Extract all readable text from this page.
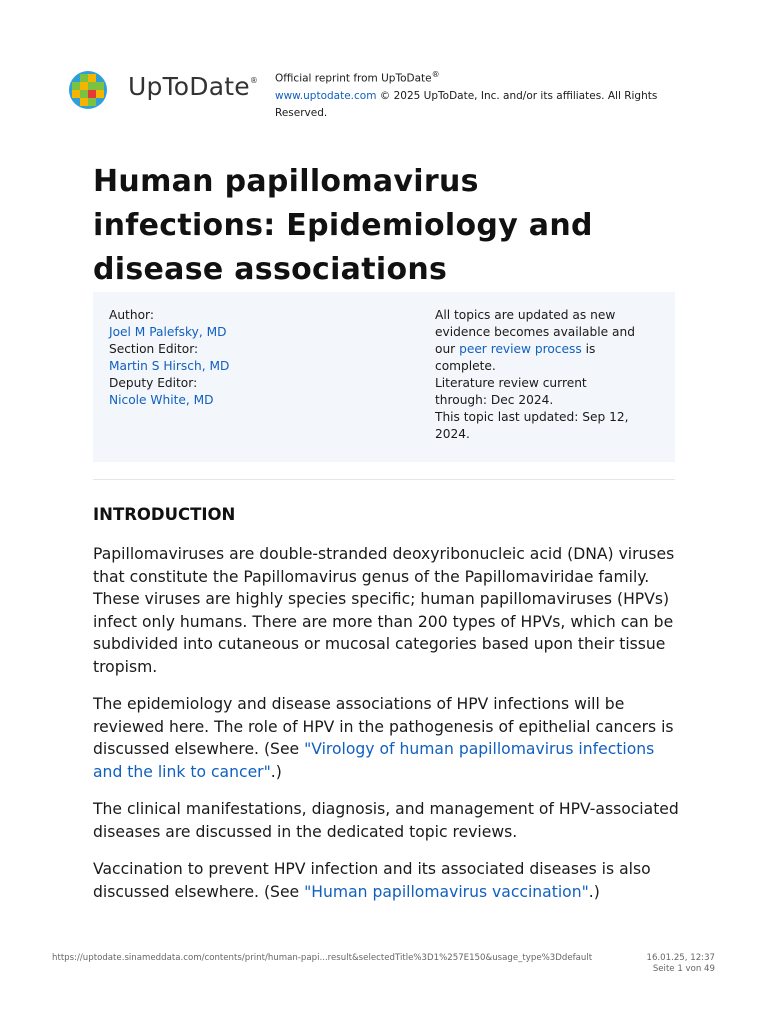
UpToDate® Official reprint from UpToDate®
www.uptodate.com © 2025 UpToDate, Inc. and/or its affiliates. All Rights Reserved.
Human papillomavirus
infections: Epidemiology and
disease associations
Author:
Joel M Palefsky, MD
Section Editor:
Martin S Hirsch, MD
Deputy Editor:
Nicole White, MD
All topics are updated as new
evidence becomes available and
our peer review process is
complete.
Literature review current
through: Dec 2024.
This topic last updated: Sep 12,
2024.
INTRODUCTION

Papillomaviruses are double-stranded deoxyribonucleic acid (DNA) viruses
that constitute the Papillomavirus genus of the Papillomaviridae family.
These viruses are highly species specific; human papillomaviruses (HPVs)
infect only humans. There are more than 200 types of HPVs, which can be
subdivided into cutaneous or mucosal categories based upon their tissue
tropism.

The epidemiology and disease associations of HPV infections will be
reviewed here. The role of HPV in the pathogenesis of epithelial cancers is
discussed elsewhere. (See "Virology of human papillomavirus infections
and the link to cancer".)

The clinical manifestations, diagnosis, and management of HPV-associated
diseases are discussed in the dedicated topic reviews.

Vaccination to prevent HPV infection and its associated diseases is also
discussed elsewhere. (See "Human papillomavirus vaccination".)

https://uptodate.sinameddata.com/contents/print/human-papi...result&selectedTitle%3D1%257E150&usage_type%3Ddefault	16.01.25, 12:37
Seite 1 von 49
